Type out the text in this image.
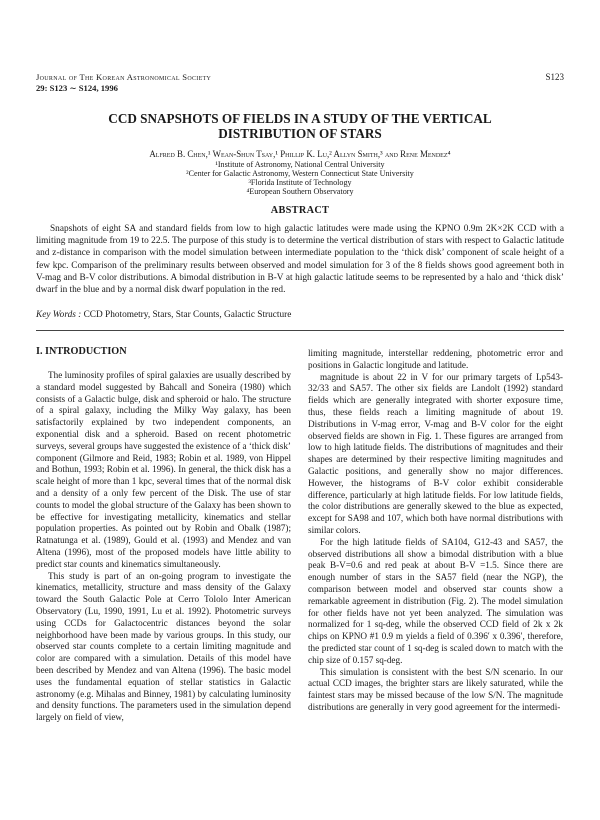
Journal of The Korean Astronomical Society
29: S123 ∼ S124, 1996
S123
CCD SNAPSHOTS OF FIELDS IN A STUDY OF THE VERTICAL
DISTRIBUTION OF STARS
Alfred B. Chen,¹ Wean-Shun Tsay,¹ Phillip K. Lu,² Allyn Smith,³ and Rene Mendez⁴
¹Institute of Astronomy, National Central University
²Center for Galactic Astronomy, Western Connecticut State University
³Florida Institute of Technology
⁴European Southern Observatory
ABSTRACT

Snapshots of eight SA and standard fields from low to high galactic latitudes were made using the KPNO 0.9m 2K×2K CCD with a limiting magnitude from 19 to 22.5. The purpose of this study is to determine the vertical distribution of stars with respect to Galactic latitude and z-distance in comparison with the model simulation between intermediate population to the ‘thick disk’ component of scale height of a few kpc. Comparison of the preliminary results between observed and model simulation for 3 of the 8 fields shows good agreement both in V-mag and B-V color distributions. A bimodal distribution in B-V at high galactic latitude seems to be represented by a halo and ‘thick disk’ dwarf in the blue and by a normal disk dwarf population in the red.

Key Words : CCD Photometry, Stars, Star Counts, Galactic Structure
I. INTRODUCTION

The luminosity profiles of spiral galaxies are usually described by a standard model suggested by Bahcall and Soneira (1980) which consists of a Galactic bulge, disk and spheroid or halo. The structure of a spiral galaxy, including the Milky Way galaxy, has been satisfactorily explained by two independent components, an exponential disk and a spheroid. Based on recent photometric surveys, several groups have suggested the existence of a ‘thick disk’ component (Gilmore and Reid, 1983; Robin et al. 1989, von Hippel and Bothun, 1993; Robin et al. 1996). In general, the thick disk has a scale height of more than 1 kpc, several times that of the normal disk and a density of a only few percent of the Disk. The use of star counts to model the global structure of the Galaxy has been shown to be effective for investigating metallicity, kinematics and stellar population properties. As pointed out by Robin and Obalk (1987); Ratnatunga et al. (1989), Gould et al. (1993) and Mendez and van Altena (1996), most of the proposed models have little ability to predict star counts and kinematics simultaneously.

This study is part of an on-going program to investigate the kinematics, metallicity, structure and mass density of the Galaxy toward the South Galactic Pole at Cerro Tololo Inter American Observatory (Lu, 1990, 1991, Lu et al. 1992). Photometric surveys using CCDs for Galactocentric distances beyond the solar neighborhood have been made by various groups. In this study, our observed star counts complete to a certain limiting magnitude and color are compared with a simulation. Details of this model have been described by Mendez and van Altena (1996). The basic model uses the fundamental equation of stellar statistics in Galactic astronomy (e.g. Mihalas and Binney, 1981) by calculating luminosity and density functions. The parameters used in the simulation depend largely on field of view,

limiting magnitude, interstellar reddening, photometric error and positions in Galactic longitude and latitude.

magnitude is about 22 in V for our primary targets of Lp543-32/33 and SA57. The other six fields are Landolt (1992) standard fields which are generally integrated with shorter exposure time, thus, these fields reach a limiting magnitude of about 19. Distributions in V-mag error, V-mag and B-V color for the eight observed fields are shown in Fig. 1. These figures are arranged from low to high latitude fields. The distributions of magnitudes and their shapes are determined by their respective limiting magnitudes and Galactic positions, and generally show no major differences. However, the histograms of B-V color exhibit considerable difference, particularly at high latitude fields. For low latitude fields, the color distributions are generally skewed to the blue as expected, except for SA98 and 107, which both have normal distributions with similar colors.

For the high latitude fields of SA104, G12-43 and SA57, the observed distributions all show a bimodal distribution with a blue peak B-V=0.6 and red peak at about B-V =1.5. Since there are enough number of stars in the SA57 field (near the NGP), the comparison between model and observed star counts show a remarkable agreement in distribution (Fig. 2). The model simulation for other fields have not yet been analyzed. The simulation was normalized for 1 sq-deg, while the observed CCD field of 2k x 2k chips on KPNO #1 0.9 m yields a field of 0.396′ x 0.396′, therefore, the predicted star count of 1 sq-deg is scaled down to match with the chip size of 0.157 sq-deg.

This simulation is consistent with the best S/N scenario. In our actual CCD images, the brighter stars are likely saturated, while the faintest stars may be missed because of the low S/N. The magnitude distributions are generally in very good agreement for the intermedi-
